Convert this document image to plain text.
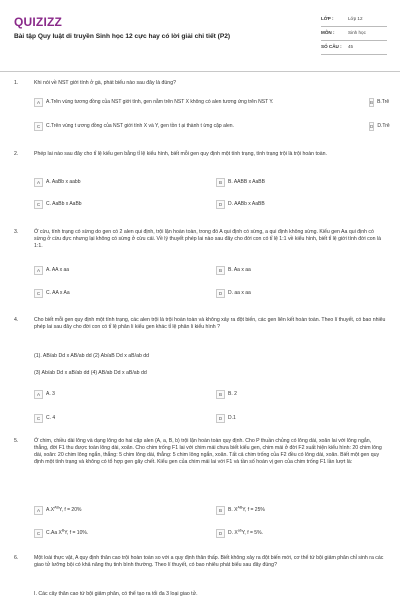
QUIZIZZ
Bài tập Quy luật di truyền Sinh học 12 cực hay có lời giải chi tiết (P2)
LỚP :	Lớp 12
MÔN :	Sinh học
SỐ CÂU :	45
1.	Khi nói về NST giới tính ở gà, phát biểu nào sau đây là đúng?
A	A.Trên vùng tương đồng của NST giới tính, gen nằm trên NST X không có alen tương ứng trên NST Y.	B B.Trê
C	C.Trên vùng t ương đồng của NST giới tính X và Y, gen tồn t ại thành t ừng cặp alen.	D D.Trê
2.	Phép lai nào sau đây cho tỉ lệ kiểu gen bằng tỉ lệ kiểu hình, biết mỗi gen quy định một tính trạng, tính trạng trội là trội hoàn toàn.
A	A. AaBb x aabb	B	B. AABB x AaBB
C	C. AaBb x AaBb	D	D. AABb x AaBB
3.	Ở cừu, tính trạng có sừng do gen có 2 alen qui định, trội lặn hoàn toàn, trong đó A qui định có sừng, a qui định không sừng. Kiểu gen Aa qui định có sừng ở cừu đực nhưng lại không có sừng ở cừu cái. Về lý thuyết phép lai nào sau đây cho đời con có tỉ lệ 1:1 về kiểu hình, biết tỉ lệ giới tính đời con là 1:1.
A	A. AA x aa	B	B. Aa x aa
C	C. AA x Aa	D	D. aa x aa
4.	Cho biết mỗi gen quy định một tính trạng, các alen trội là trội hoàn toàn và không xảy ra đột biến, các gen liên kết hoàn toàn. Theo lí thuyết, có bao nhiêu phép lai sau đây cho đời con có tỉ lệ phân li kiểu gen khác tỉ lệ phân li kiểu hình ?
(1). AB/ab Dd x AB/ab dd (2) Ab/aB Dd x aB/ab dd
(3) Ab/ab Dd x aB/ab dd (4) AB/ab Dd x aB/ab dd
A	A. 3	B	B. 2
C	C. 4	D	D.1
5.	Ở chim, chiều dài lông và dạng lông do hai cặp alen (A, a, B, b) trội lặn hoàn toàn quy định. Cho P thuần chủng có lông dài, xoăn lai với lông ngắn, thẳng, đời F1 thu được toàn lông dài, xoăn. Cho chim trống F1 lai với chim mái chưa biết kiểu gen, chim mái ở đời F2 xuất hiện kiểu hình: 20 chim lông dài, xoăn: 20 chim lông ngắn, thẳng: 5 chim lông dài, thẳng: 5 chim lông ngắn, xoăn. Tất cả chim trống của F2 đều có lông dài, xoăn. Biết một gen quy định một tính trạng và không có tổ hợp gen gây chết. Kiểu gen của chim mái lai với F1 và tần số hoán vị gen của chim trống F1 lần lượt là:
A	$A.X^{AB}Y$, f = 20%	B	B. $X^{AB}Y$, f = 25%
C	C.Aa $X^BY$, f = 10%.	D	D. $X^{ab}Y$, f = 5%.
6.	Một loài thực vật, A quy định thân cao trội hoàn toàn so với a quy định thân thấp. Biết không xảy ra đột biến mới, cơ thể tứ bội giảm phân chỉ sinh ra các giao tử lưỡng bội có khả năng thụ tinh bình thường. Theo lí thuyết, có bao nhiêu phát biểu sau đây đúng?
I. Các cây thân cao tứ bội giảm phân, có thể tạo ra tối đa 3 loại giao tử.
